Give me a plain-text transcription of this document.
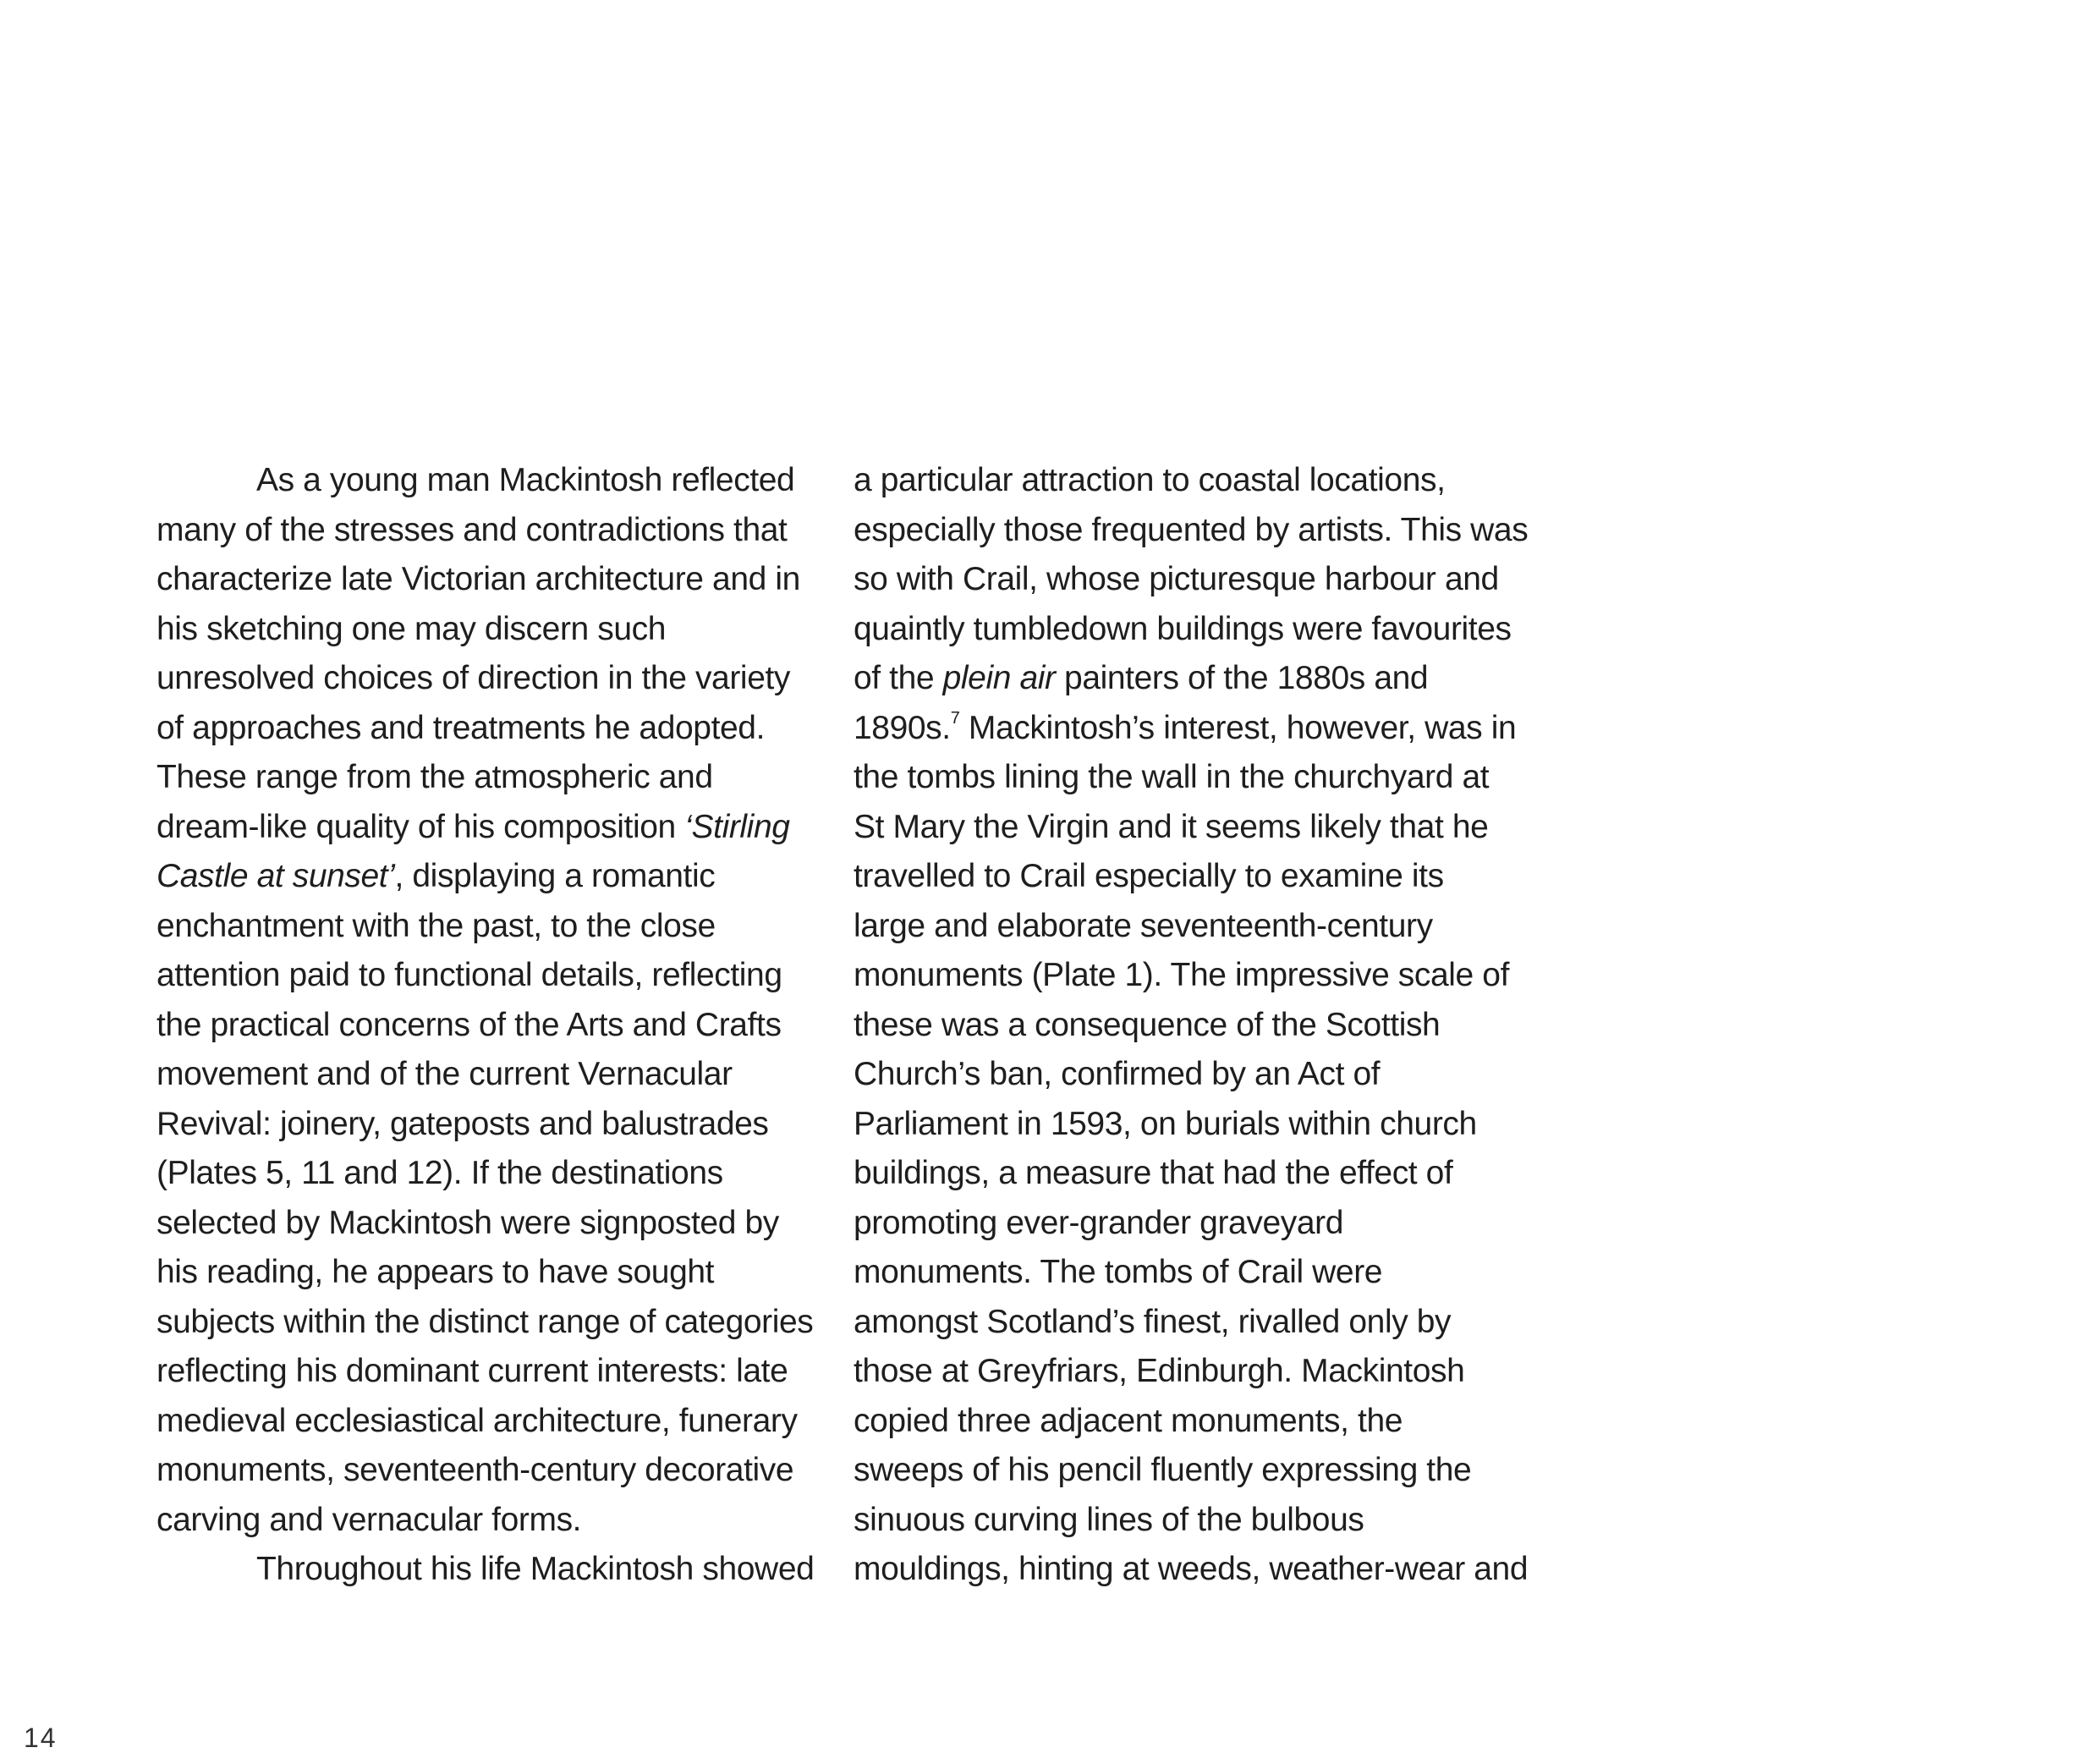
As a young man Mackintosh reflected
many of the stresses and contradictions that
characterize late Victorian architecture and in
his sketching one may discern such
unresolved choices of direction in the variety
of approaches and treatments he adopted.
These range from the atmospheric and
dream-like quality of his composition ‘Stirling
Castle at sunset’, displaying a romantic
enchantment with the past, to the close
attention paid to functional details, reflecting
the practical concerns of the Arts and Crafts
movement and of the current Vernacular
Revival: joinery, gateposts and balustrades
(Plates 5, 11 and 12). If the destinations
selected by Mackintosh were signposted by
his reading, he appears to have sought
subjects within the distinct range of categories
reflecting his dominant current interests: late
medieval ecclesiastical architecture, funerary
monuments, seventeenth-century decorative
carving and vernacular forms.
Throughout his life Mackintosh showed
a particular attraction to coastal locations,
especially those frequented by artists. This was
so with Crail, whose picturesque harbour and
quaintly tumbledown buildings were favourites
of the plein air painters of the 1880s and
1890s.$^7$ Mackintosh’s interest, however, was in
the tombs lining the wall in the churchyard at
St Mary the Virgin and it seems likely that he
travelled to Crail especially to examine its
large and elaborate seventeenth-century
monuments (Plate 1). The impressive scale of
these was a consequence of the Scottish
Church’s ban, confirmed by an Act of
Parliament in 1593, on burials within church
buildings, a measure that had the effect of
promoting ever-grander graveyard
monuments. The tombs of Crail were
amongst Scotland’s finest, rivalled only by
those at Greyfriars, Edinburgh. Mackintosh
copied three adjacent monuments, the
sweeps of his pencil fluently expressing the
sinuous curving lines of the bulbous
mouldings, hinting at weeds, weather-wear and
14
